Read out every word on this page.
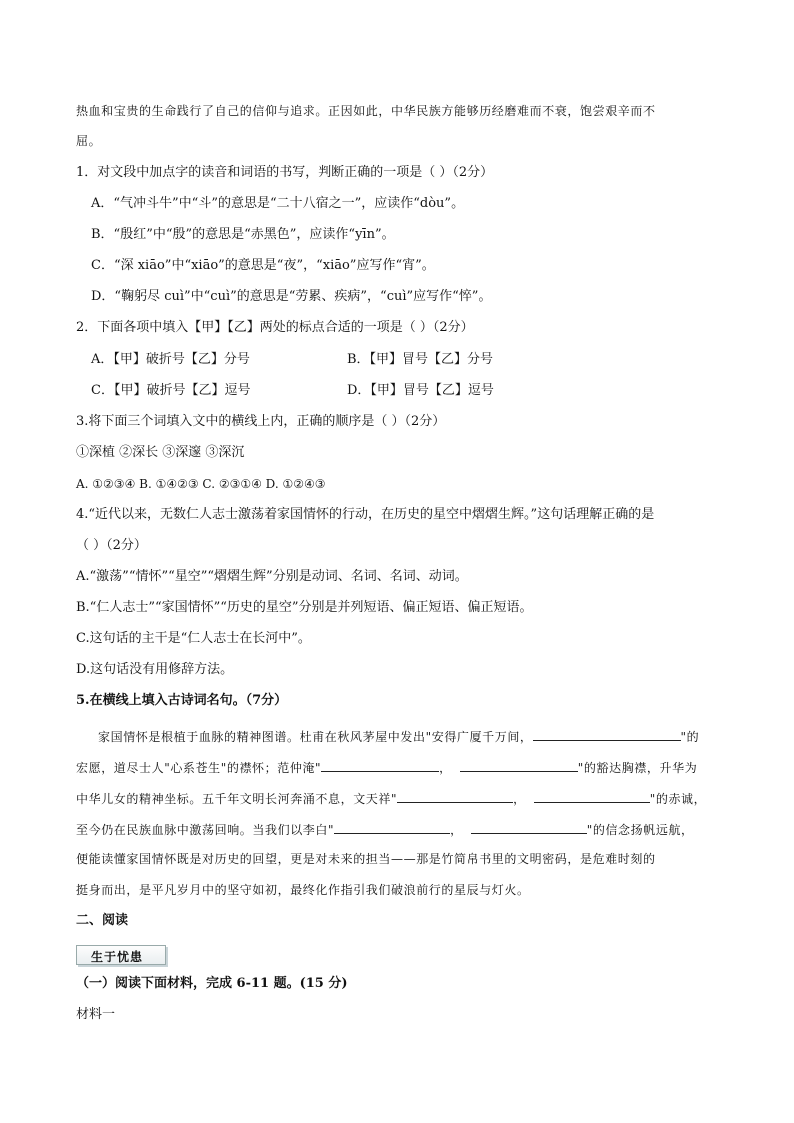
热血和宝贵的生命践行了自己的信仰与追求。正因如此，中华民族方能够历经磨难而不衰，饱尝艰辛而不
屈。
1．对文段中加点字的读音和词语的书写，判断正确的一项是（ ）（2分）
A．“气冲斗牛”中“斗”的意思是“二十八宿之一”，应读作“dòu”。
B．“殷红”中“殷”的意思是“赤黑色”，应读作“yīn”。
C．“深 xiāo”中“xiāo”的意思是“夜”，“xiāo”应写作“宵”。
D．“鞠躬尽 cuì”中“cuì”的意思是“劳累、疾病”，“cuì”应写作“悴”。
2．下面各项中填入【甲】【乙】两处的标点合适的一项是（ ）（2分）
A．【甲】破折号【乙】分号	B．【甲】冒号【乙】分号
C．【甲】破折号【乙】逗号	D．【甲】冒号【乙】逗号
3.将下面三个词填入文中的横线上内，正确的顺序是（ ）（2分）
①深植 ②深长 ③深邃 ③深沉
A. ①②③④ B. ①④②③ C. ②③①④ D. ①②④③
4.“近代以来，无数仁人志士激荡着家国情怀的行动，在历史的星空中熠熠生辉。”这句话理解正确的是
（ ）（2分）
A.“激荡”“情怀”“星空”“熠熠生辉”分别是动词、名词、名词、动词。
B.“仁人志士”“家国情怀”“历史的星空”分别是并列短语、偏正短语、偏正短语。
C.这句话的主干是“仁人志士在长河中”。
D.这句话没有用修辞方法。
5.在横线上填入古诗词名句。（7分）
家国情怀是根植于血脉的精神图谱。杜甫在秋风茅屋中发出"安得广厦千万间，	"的
宏愿，道尽士人"心系苍生"的襟怀；范仲淹"	，	"的豁达胸襟，升华为
中华儿女的精神坐标。五千年文明长河奔涌不息，文天祥"	，	"的赤诚，
至今仍在民族血脉中激荡回响。当我们以李白"	，	"的信念扬帆远航，
便能读懂家国情怀既是对历史的回望，更是对未来的担当——那是竹简帛书里的文明密码，是危难时刻的
挺身而出，是平凡岁月中的坚守如初，最终化作指引我们破浪前行的星辰与灯火。
二、阅读
生于忧患
（一）阅读下面材料，完成 6-11 题。(15 分)
材料一
